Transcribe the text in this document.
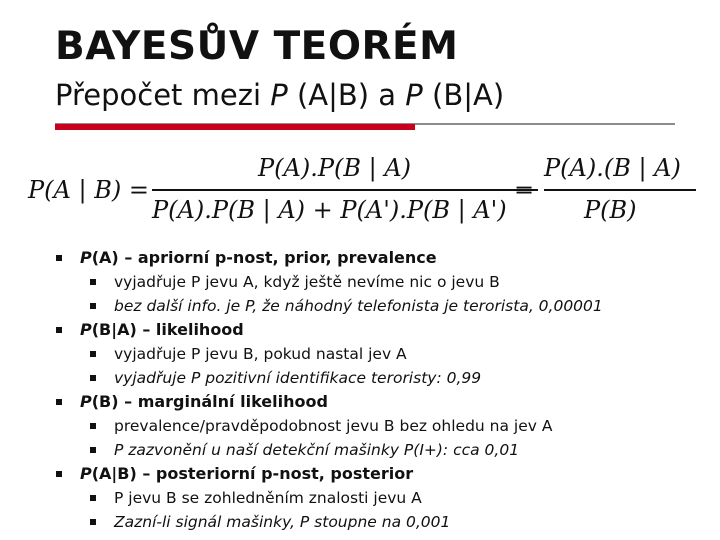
BAYESŮV TEORÉM

Přepočet mezi P (A|B) a P (B|A)

P(A | B) =
P(A).P(B | A)
P(A).P(B | A) + P(A').P(B | A')
=
P(A).(B | A)
P(B)
P(A) – apriorní p-nost, prior, prevalence
vyjadřuje P jevu A, když ještě nevíme nic o jevu B
bez další info. je P, že náhodný telefonista je terorista, 0,00001
P(B|A) – likelihood
vyjadřuje P jevu B, pokud nastal jev A
vyjadřuje P pozitivní identifikace teroristy: 0,99
P(B) – marginální likelihood
prevalence/pravděpodobnost jevu B bez ohledu na jev A
P zazvonění u naší detekční mašinky P(I+): cca 0,01
P(A|B) – posteriorní p-nost, posterior
P jevu B se zohledněním znalosti jevu A
Zazní-li signál mašinky, P stoupne na 0,001
